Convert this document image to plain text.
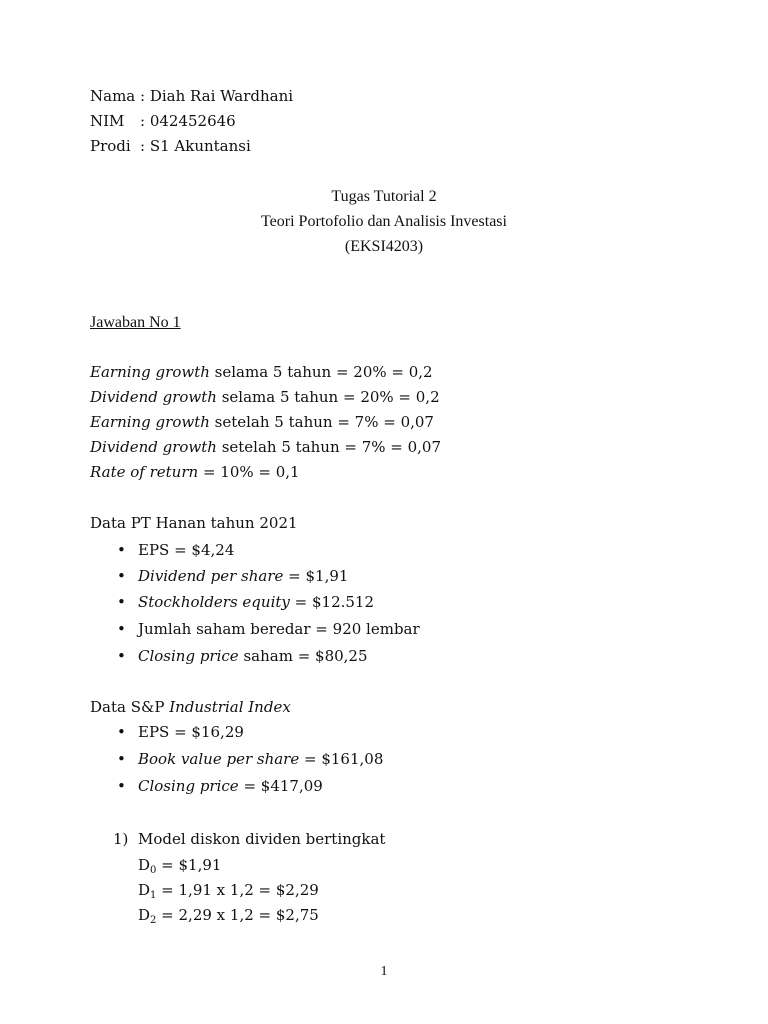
Nama : Diah Rai Wardhani
NIM : 042452646
Prodi : S1 Akuntansi
Tugas Tutorial 2
Teori Portofolio dan Analisis Investasi
(EKSI4203)
Jawaban No 1
Earning growth selama 5 tahun = 20% = 0,2
Dividend growth selama 5 tahun = 20% = 0,2
Earning growth setelah 5 tahun = 7% = 0,07
Dividend growth setelah 5 tahun = 7% = 0,07
Rate of return = 10% = 0,1
Data PT Hanan tahun 2021
• EPS = $4,24
• Dividend per share = $1,91
• Stockholders equity = $12.512
• Jumlah saham beredar = 920 lembar
• Closing price saham = $80,25
Data S&P Industrial Index
• EPS = $16,29
• Book value per share = $161,08
• Closing price = $417,09
1) Model diskon dividen bertingkat
$D_0$ = $1,91
$D_1 = 1,91$ x 1,2 = $2,29
$D_2 = 2,29$ x 1,2 = $2,75
1
